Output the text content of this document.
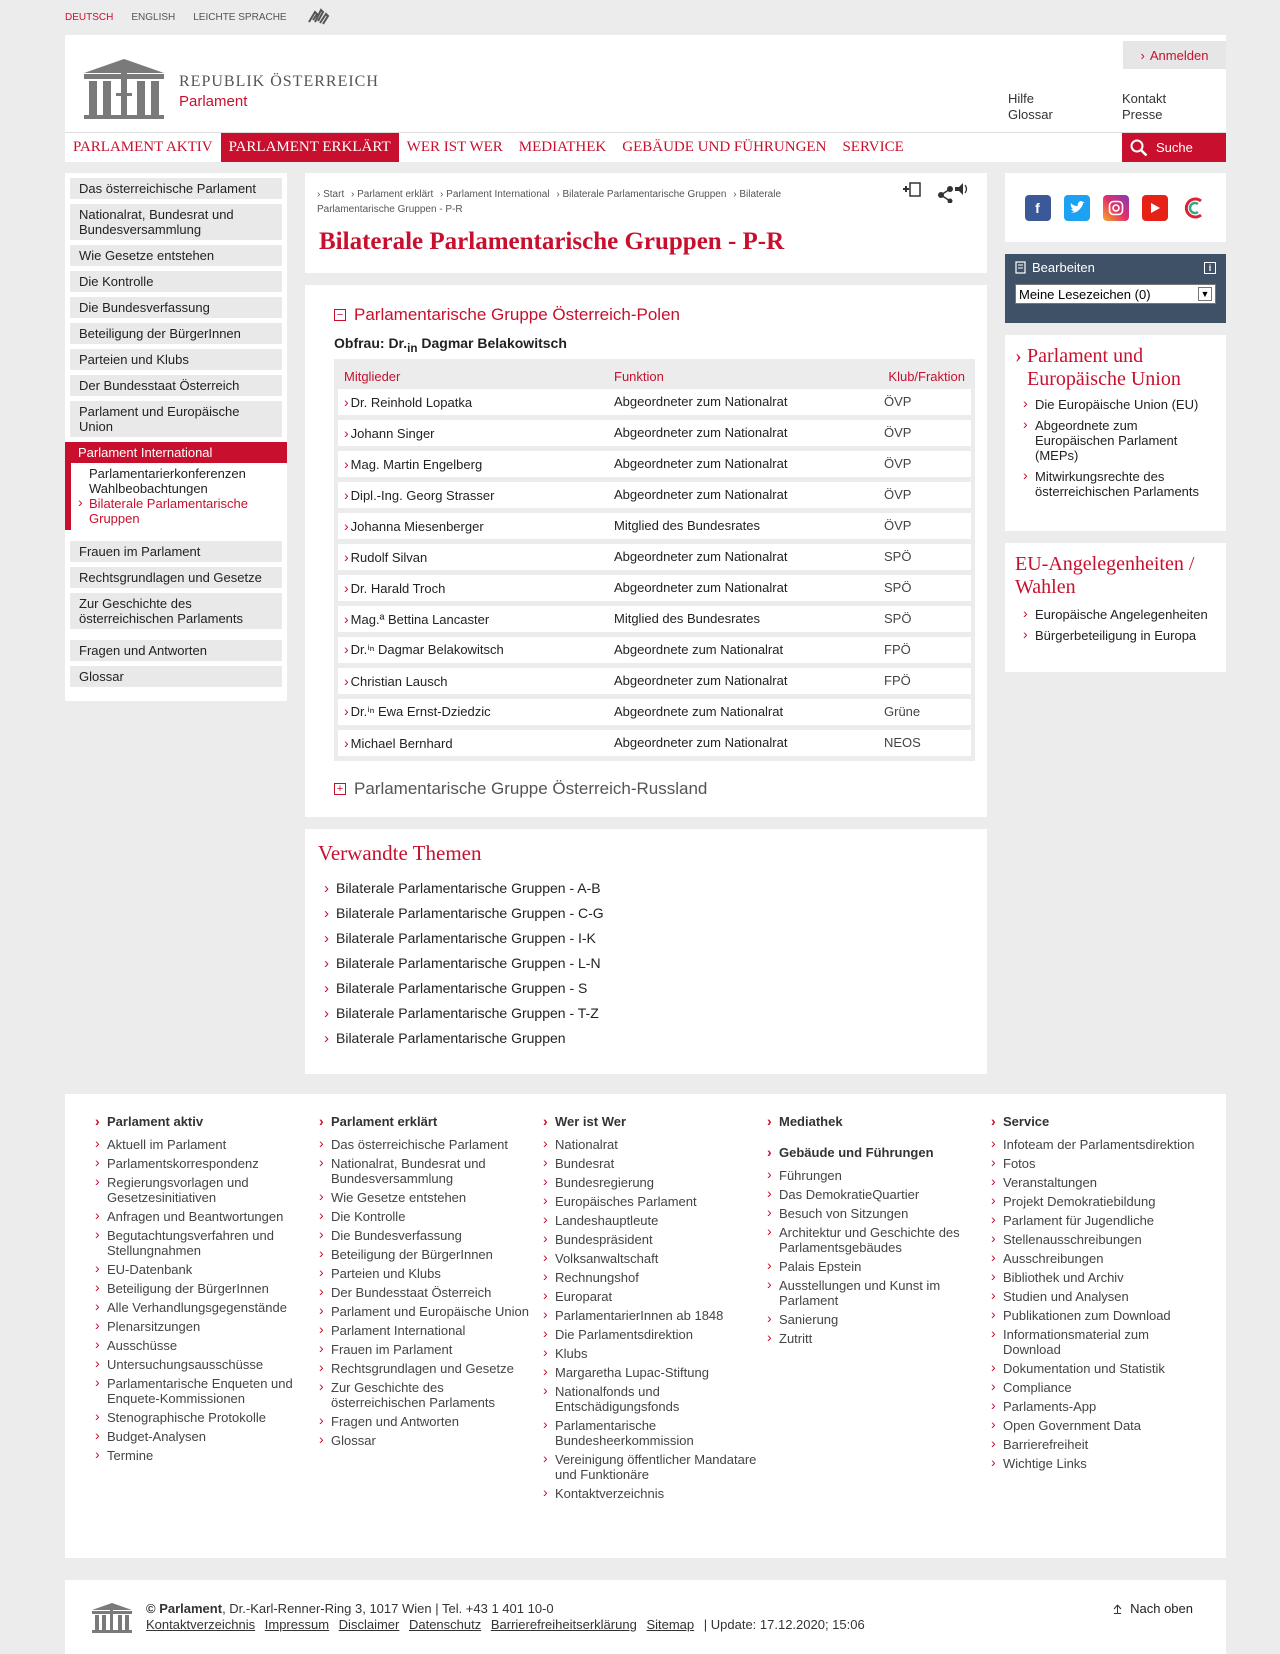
DEUTSCH ENGLISH LEICHTE SPRACHE
› Anmelden
REPUBLIK ÖSTERREICH
Parlament	Hilfe
Glossar
Kontakt
Presse
PARLAMENT AKTIV	PARLAMENT ERKLÄRT	WER IST WER	MEDIATHEK	GEBÄUDE UND FÜHRUNGEN	SERVICE	Suche
Das österreichische Parlament
Nationalrat, Bundesrat und Bundesversammlung
Wie Gesetze entstehen
Die Kontrolle
Die Bundesverfassung
Beteiligung der BürgerInnen
Parteien und Klubs
Der Bundesstaat Österreich
Parlament und Europäische Union
Parlament International
Parlamentarierkonferenzen
Wahlbeobachtungen
› Bilaterale Parlamentarische Gruppen
Frauen im Parlament
Rechtsgrundlagen und Gesetze
Zur Geschichte des österreichischen Parlaments
Fragen und Antworten
Glossar
› Start › Parlament erklärt › Parlament International › Bilaterale Parlamentarische Gruppen › Bilaterale Parlamentarische Gruppen - P-R
Bilaterale Parlamentarische Gruppen - P-R
− Parlamentarische Gruppe Österreich-Polen
Obfrau: $Dr._{in}$ Dagmar Belakowitsch
Mitglieder	Funktion	Klub/Fraktion
› Dr. Reinhold Lopatka	Abgeordneter zum Nationalrat	ÖVP
› Johann Singer	Abgeordneter zum Nationalrat	ÖVP
› Mag. Martin Engelberg	Abgeordneter zum Nationalrat	ÖVP
› Dipl.-Ing. Georg Strasser	Abgeordneter zum Nationalrat	ÖVP
› Johanna Miesenberger	Mitglied des Bundesrates	ÖVP
› Rudolf Silvan	Abgeordneter zum Nationalrat	SPÖ
› Dr. Harald Troch	Abgeordneter zum Nationalrat	SPÖ
› Mag.ª Bettina Lancaster	Mitglied des Bundesrates	SPÖ
› Dr.ⁱⁿ Dagmar Belakowitsch	Abgeordnete zum Nationalrat	FPÖ
› Christian Lausch	Abgeordneter zum Nationalrat	FPÖ
› Dr.ⁱⁿ Ewa Ernst-Dziedzic	Abgeordnete zum Nationalrat	Grüne
› Michael Bernhard	Abgeordneter zum Nationalrat	NEOS
+ Parlamentarische Gruppe Österreich-Russland
Verwandte Themen
› Bilaterale Parlamentarische Gruppen - A-B
› Bilaterale Parlamentarische Gruppen - C-G
› Bilaterale Parlamentarische Gruppen - I-K
› Bilaterale Parlamentarische Gruppen - L-N
› Bilaterale Parlamentarische Gruppen - S
› Bilaterale Parlamentarische Gruppen - T-Z
› Bilaterale Parlamentarische Gruppen
f
Bearbeiten	i
Meine Lesezeichen (0)	▼
› Parlament und Europäische Union
› Die Europäische Union (EU)
› Abgeordnete zum Europäischen Parlament (MEPs)
› Mitwirkungsrechte des österreichischen Parlaments
EU-Angelegenheiten / Wahlen
› Europäische Angelegenheiten
› Bürgerbeteiligung in Europa
› Parlament aktiv
› Aktuell im Parlament
› Parlamentskorrespondenz
› Regierungsvorlagen und Gesetzesinitiativen
› Anfragen und Beantwortungen
› Begutachtungsverfahren und Stellungnahmen
› EU-Datenbank
› Beteiligung der BürgerInnen
› Alle Verhandlungsgegenstände
› Plenarsitzungen
› Ausschüsse
› Untersuchungsausschüsse
› Parlamentarische Enqueten und Enquete-Kommissionen
› Stenographische Protokolle
› Budget-Analysen
› Termine
› Parlament erklärt
› Das österreichische Parlament
› Nationalrat, Bundesrat und Bundesversammlung
› Wie Gesetze entstehen
› Die Kontrolle
› Die Bundesverfassung
› Beteiligung der BürgerInnen
› Parteien und Klubs
› Der Bundesstaat Österreich
› Parlament und Europäische Union
› Parlament International
› Frauen im Parlament
› Rechtsgrundlagen und Gesetze
› Zur Geschichte des österreichischen Parlaments
› Fragen und Antworten
› Glossar
› Wer ist Wer
› Nationalrat
› Bundesrat
› Bundesregierung
› Europäisches Parlament
› Landeshauptleute
› Bundespräsident
› Volksanwaltschaft
› Rechnungshof
› Europarat
› ParlamentarierInnen ab 1848
› Die Parlamentsdirektion
› Klubs
› Margaretha Lupac-Stiftung
› Nationalfonds und Entschädigungsfonds
› Parlamentarische Bundesheerkommission
› Vereinigung öffentlicher Mandatare und Funktionäre
› Kontaktverzeichnis
› Mediathek
› Gebäude und Führungen
› Führungen
› Das DemokratieQuartier
› Besuch von Sitzungen
› Architektur und Geschichte des Parlamentsgebäudes
› Palais Epstein
› Ausstellungen und Kunst im Parlament
› Sanierung
› Zutritt
› Service
› Infoteam der Parlamentsdirektion
› Fotos
› Veranstaltungen
› Projekt Demokratiebildung
› Parlament für Jugendliche
› Stellenausschreibungen
› Ausschreibungen
› Bibliothek und Archiv
› Studien und Analysen
› Publikationen zum Download
› Informationsmaterial zum Download
› Dokumentation und Statistik
› Compliance
› Parlaments-App
› Open Government Data
› Barrierefreiheit
› Wichtige Links
© Parlament, Dr.-Karl-Renner-Ring 3, 1017 Wien | Tel. +43 1 401 10-0
Kontaktverzeichnis Impressum Disclaimer Datenschutz Barrierefreiheitserklärung Sitemap | Update: 17.12.2020; 15:06
Nach oben
